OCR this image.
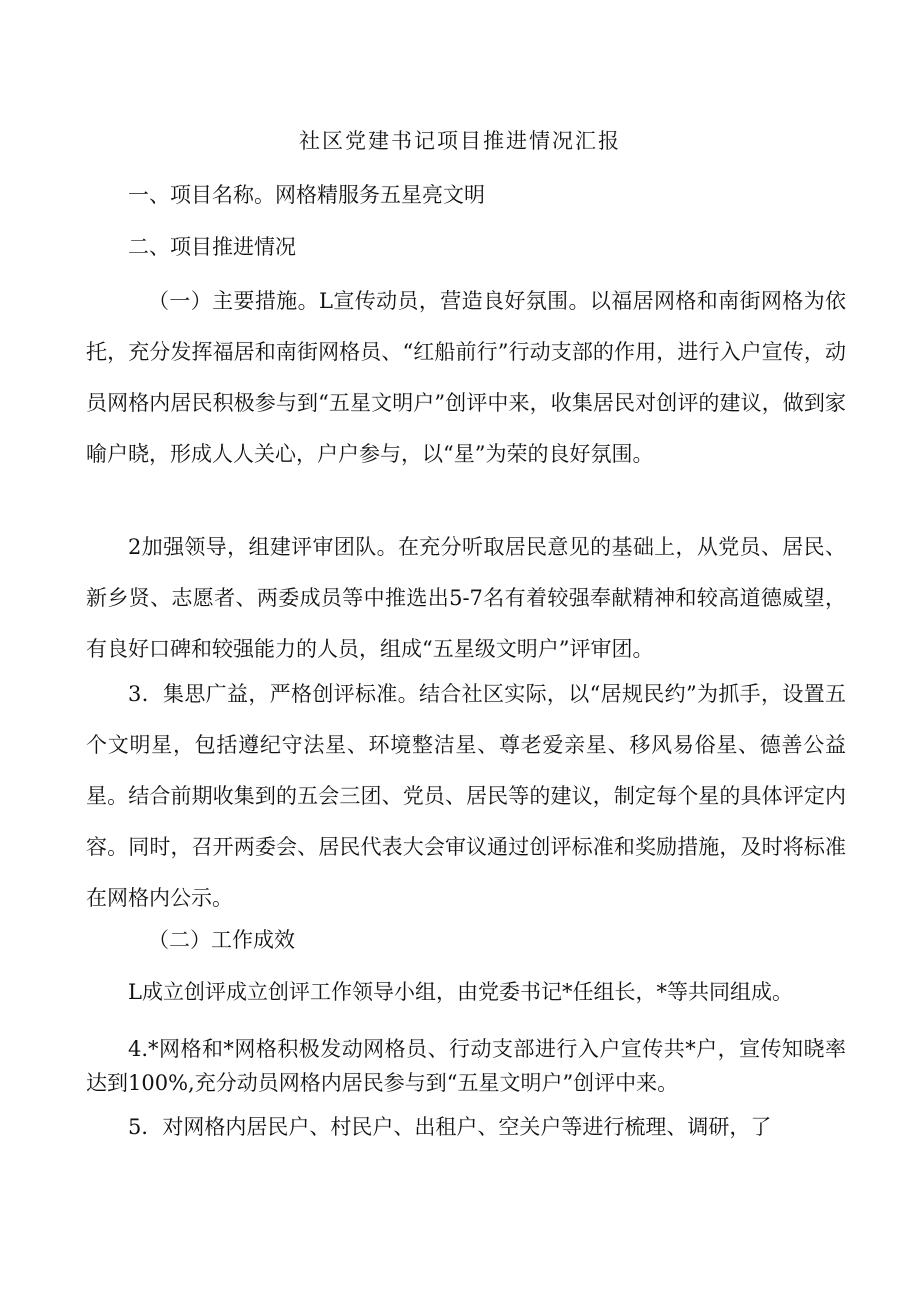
社区党建书记项目推进情况汇报
一、项目名称。网格精服务五星亮文明
二、项目推进情况
（一）主要措施。L宣传动员，营造良好氛围。以福居网格和南街网格为依托，充分发挥福居和南街网格员、“红船前行”行动支部的作用，进行入户宣传，动员网格内居民积极参与到“五星文明户”创评中来，收集居民对创评的建议，做到家喻户晓，形成人人关心，户户参与，以“星”为荣的良好氛围。
2加强领导，组建评审团队。在充分听取居民意见的基础上，从党员、居民、新乡贤、志愿者、两委成员等中推选出5-7名有着较强奉献精神和较高道德威望，有良好口碑和较强能力的人员，组成“五星级文明户”评审团。
3．集思广益，严格创评标准。结合社区实际，以“居规民约”为抓手，设置五个文明星，包括遵纪守法星、环境整洁星、尊老爱亲星、移风易俗星、德善公益星。结合前期收集到的五会三团、党员、居民等的建议，制定每个星的具体评定内容。同时，召开两委会、居民代表大会审议通过创评标准和奖励措施，及时将标准在网格内公示。
（二）工作成效
L成立创评成立创评工作领导小组，由党委书记*任组长，*等共同组成。
4.*网格和*网格积极发动网格员、行动支部进行入户宣传共*户，宣传知晓率达到100%,充分动员网格内居民参与到“五星文明户”创评中来。
5．对网格内居民户、村民户、出租户、空关户等进行梳理、调研，了
